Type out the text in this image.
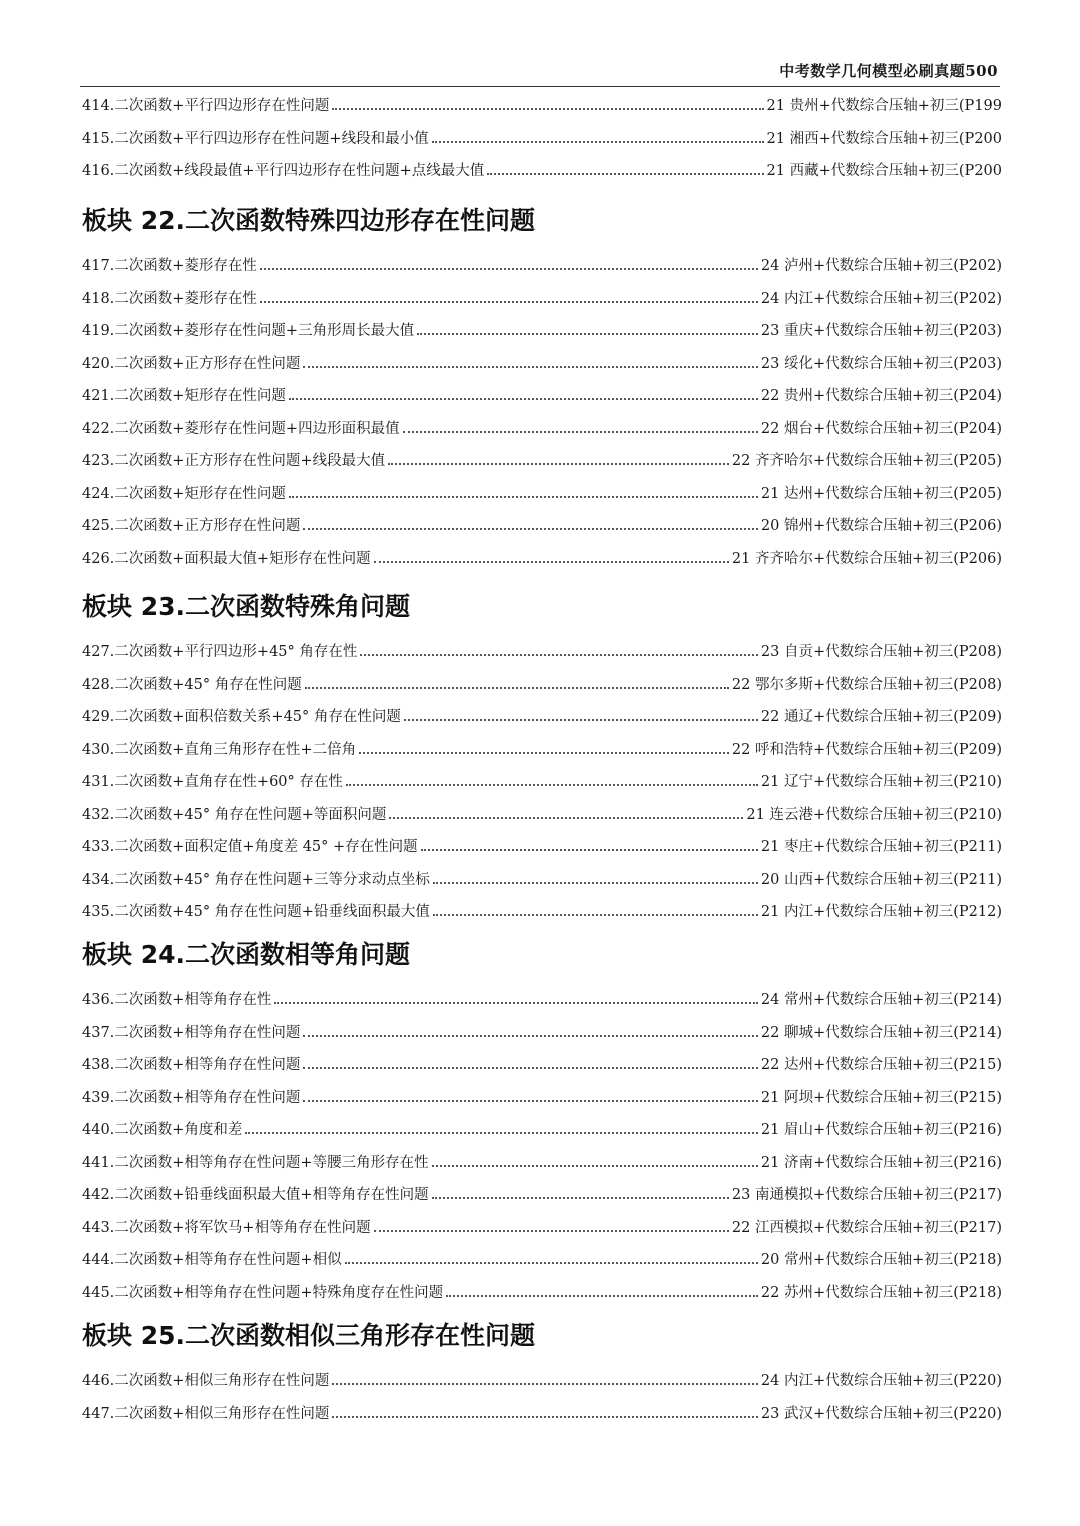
中考数学几何模型必刷真题500
414.二次函数+平行四边形存在性问题	21 贵州+代数综合压轴+初三(P199
415.二次函数+平行四边形存在性问题+线段和最小值	21 湘西+代数综合压轴+初三(P200
416.二次函数+线段最值+平行四边形存在性问题+点线最大值	21 西藏+代数综合压轴+初三(P200
板块 22.二次函数特殊四边形存在性问题
417.二次函数+菱形存在性	24 泸州+代数综合压轴+初三(P202)
418.二次函数+菱形存在性	24 内江+代数综合压轴+初三(P202)
419.二次函数+菱形存在性问题+三角形周长最大值	23 重庆+代数综合压轴+初三(P203)
420.二次函数+正方形存在性问题	23 绥化+代数综合压轴+初三(P203)
421.二次函数+矩形存在性问题	22 贵州+代数综合压轴+初三(P204)
422.二次函数+菱形存在性问题+四边形面积最值	22 烟台+代数综合压轴+初三(P204)
423.二次函数+正方形存在性问题+线段最大值	22 齐齐哈尔+代数综合压轴+初三(P205)
424.二次函数+矩形存在性问题	21 达州+代数综合压轴+初三(P205)
425.二次函数+正方形存在性问题	20 锦州+代数综合压轴+初三(P206)
426.二次函数+面积最大值+矩形存在性问题	21 齐齐哈尔+代数综合压轴+初三(P206)
板块 23.二次函数特殊角问题
427.二次函数+平行四边形+45° 角存在性	23 自贡+代数综合压轴+初三(P208)
428.二次函数+45° 角存在性问题	22 鄂尔多斯+代数综合压轴+初三(P208)
429.二次函数+面积倍数关系+45° 角存在性问题	22 通辽+代数综合压轴+初三(P209)
430.二次函数+直角三角形存在性+二倍角	22 呼和浩特+代数综合压轴+初三(P209)
431.二次函数+直角存在性+60° 存在性	21 辽宁+代数综合压轴+初三(P210)
432.二次函数+45° 角存在性问题+等面积问题	21 连云港+代数综合压轴+初三(P210)
433.二次函数+面积定值+角度差 45° +存在性问题	21 枣庄+代数综合压轴+初三(P211)
434.二次函数+45° 角存在性问题+三等分求动点坐标	20 山西+代数综合压轴+初三(P211)
435.二次函数+45° 角存在性问题+铅垂线面积最大值	21 内江+代数综合压轴+初三(P212)
板块 24.二次函数相等角问题
436.二次函数+相等角存在性	24 常州+代数综合压轴+初三(P214)
437.二次函数+相等角存在性问题	22 聊城+代数综合压轴+初三(P214)
438.二次函数+相等角存在性问题	22 达州+代数综合压轴+初三(P215)
439.二次函数+相等角存在性问题	21 阿坝+代数综合压轴+初三(P215)
440.二次函数+角度和差	21 眉山+代数综合压轴+初三(P216)
441.二次函数+相等角存在性问题+等腰三角形存在性	21 济南+代数综合压轴+初三(P216)
442.二次函数+铅垂线面积最大值+相等角存在性问题	23 南通模拟+代数综合压轴+初三(P217)
443.二次函数+将军饮马+相等角存在性问题	22 江西模拟+代数综合压轴+初三(P217)
444.二次函数+相等角存在性问题+相似	20 常州+代数综合压轴+初三(P218)
445.二次函数+相等角存在性问题+特殊角度存在性问题	22 苏州+代数综合压轴+初三(P218)
板块 25.二次函数相似三角形存在性问题
446.二次函数+相似三角形存在性问题	24 内江+代数综合压轴+初三(P220)
447.二次函数+相似三角形存在性问题	23 武汉+代数综合压轴+初三(P220)
